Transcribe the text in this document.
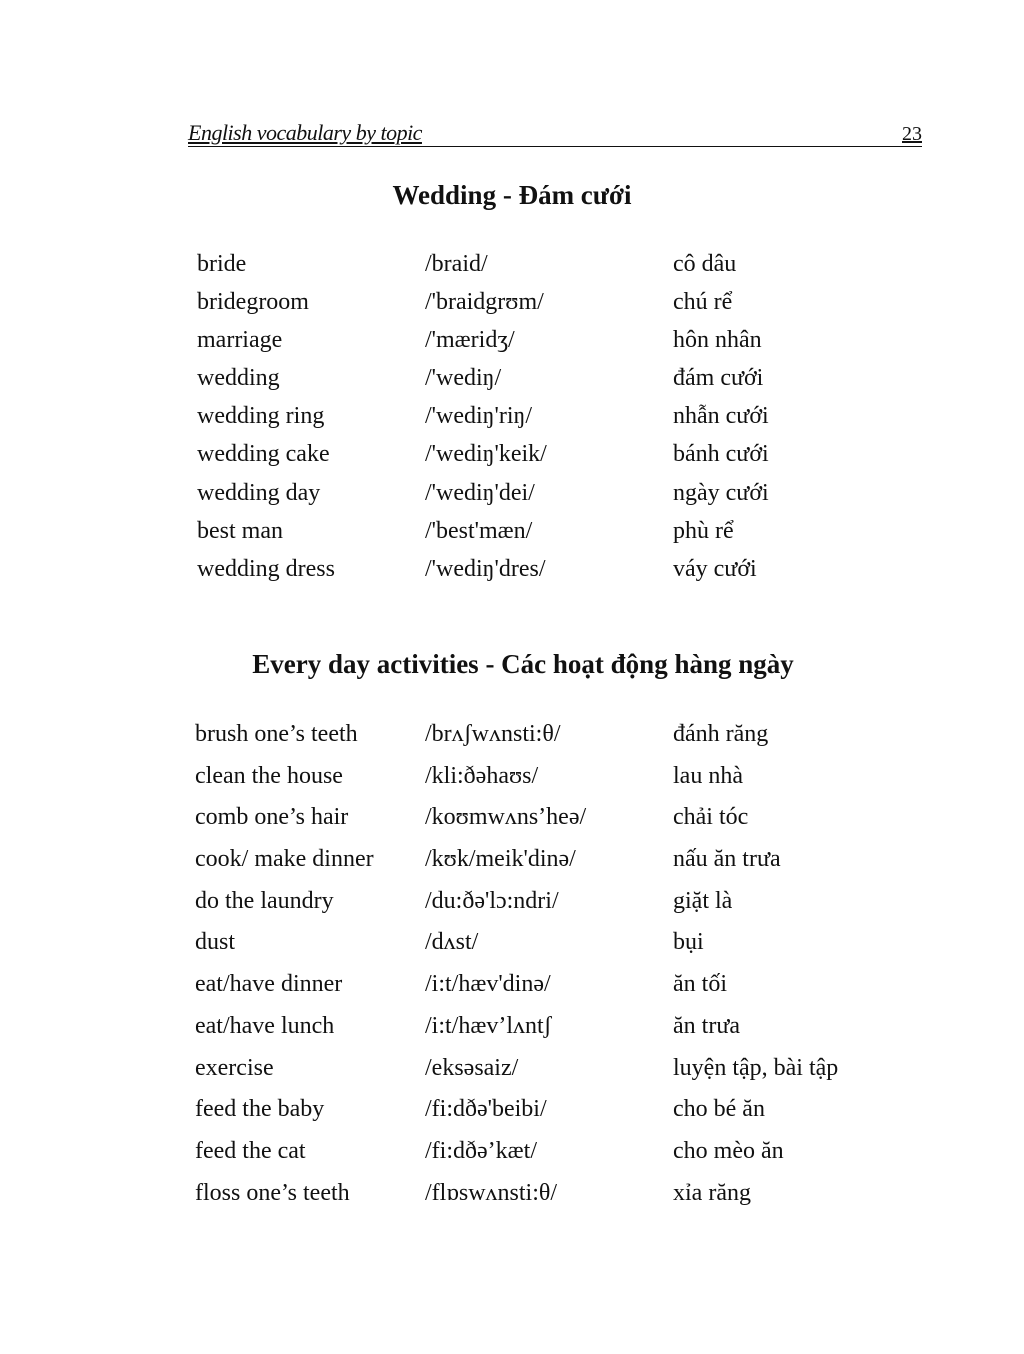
English vocabulary by topic	23
Wedding - Đám cưới
bride	/braid/	cô dâu
bridegroom	/'braidgrʊm/	chú rể
marriage	/'mæridʒ/	hôn nhân
wedding	/'wediŋ/	đám cưới
wedding ring	/'wediŋ'riŋ/	nhẫn cưới
wedding cake	/'wediŋ'keik/	bánh cưới
wedding day	/'wediŋ'dei/	ngày cưới
best man	/'best'mæn/	phù rể
wedding dress	/'wediŋ'dres/	váy cưới
Every day activities - Các hoạt động hàng ngày
brush one’s teeth	/brʌʃwʌnsti:θ/	đánh răng
clean the house	/kli:ðəhaʊs/	lau nhà
comb one’s hair	/koʊmwʌns’heə/	chải tóc
cook/ make dinner	/kʊk/meik'dinə/	nấu ăn trưa
do the laundry	/du:ðə'lɔ:ndri/	giặt là
dust	/dʌst/	bụi
eat/have dinner	/i:t/hæv'dinə/	ăn tối
eat/have lunch	/i:t/hæv’lʌntʃ	ăn trưa
exercise	/eksəsaiz/	luyện tập, bài tập
feed the baby	/fi:dðə'beibi/	cho bé ăn
feed the cat	/fi:dðə’kæt/	cho mèo ăn
floss one’s teeth	/flɒswʌnsti:θ/	xỉa răng
